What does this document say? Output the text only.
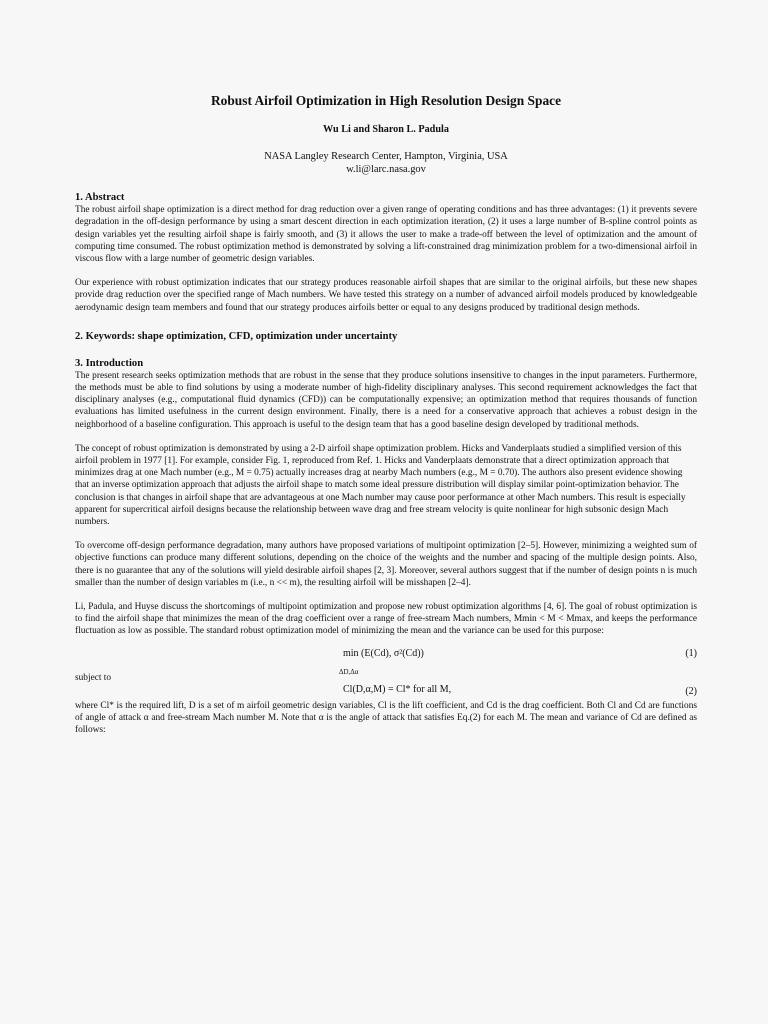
Robust Airfoil Optimization in High Resolution Design Space
Wu Li and Sharon L. Padula
NASA Langley Research Center, Hampton, Virginia, USA
w.li@larc.nasa.gov
1. Abstract

The robust airfoil shape optimization is a direct method for drag reduction over a given range of operating conditions and has three advantages: (1) it prevents severe degradation in the off-design performance by using a smart descent direction in each optimization iteration, (2) it uses a large number of B-spline control points as design variables yet the resulting airfoil shape is fairly smooth, and (3) it allows the user to make a trade-off between the level of optimization and the amount of computing time consumed. The robust optimization method is demonstrated by solving a lift-constrained drag minimization problem for a two-dimensional airfoil in viscous flow with a large number of geometric design variables.

Our experience with robust optimization indicates that our strategy produces reasonable airfoil shapes that are similar to the original airfoils, but these new shapes provide drag reduction over the specified range of Mach numbers. We have tested this strategy on a number of advanced airfoil models produced by knowledgeable aerodynamic design team members and found that our strategy produces airfoils better or equal to any designs produced by traditional design methods.

2. Keywords: shape optimization, CFD, optimization under uncertainty
3. Introduction

The present research seeks optimization methods that are robust in the sense that they produce solutions insensitive to changes in the input parameters. Furthermore, the methods must be able to find solutions by using a moderate number of high-fidelity disciplinary analyses. This second requirement acknowledges the fact that disciplinary analyses (e.g., computational fluid dynamics (CFD)) can be computationally expensive; an optimization method that requires thousands of function evaluations has limited usefulness in the current design environment. Finally, there is a need for a conservative approach that achieves a robust design in the neighborhood of a baseline configuration. This approach is useful to the design team that has a good baseline design developed by traditional methods.

The concept of robust optimization is demonstrated by using a 2-D airfoil shape optimization problem. Hicks and Vanderplaats studied a simplified version of this airfoil problem in 1977 [1]. For example, consider Fig. 1, reproduced from Ref. 1. Hicks and Vanderplaats demonstrate that a direct optimization approach that minimizes drag at one Mach number (e.g., M = 0.75) actually increases drag at nearby Mach numbers (e.g., M = 0.70). The authors also present evidence showing that an inverse optimization approach that adjusts the airfoil shape to match some ideal pressure distribution will display similar point-optimization behavior. The conclusion is that changes in airfoil shape that are advantageous at one Mach number may cause poor performance at other Mach numbers. This result is especially apparent for supercritical airfoil designs because the relationship between wave drag and free stream velocity is quite nonlinear for high subsonic design Mach numbers.

To overcome off-design performance degradation, many authors have proposed variations of multipoint optimization [2–5]. However, minimizing a weighted sum of objective functions can produce many different solutions, depending on the choice of the weights and the number and spacing of the multiple design points. Also, there is no guarantee that any of the solutions will yield desirable airfoil shapes [2, 3]. Moreover, several authors suggest that if the number of design points n is much smaller than the number of design variables m (i.e., n << m), the resulting airfoil will be misshapen [2–4].

Li, Padula, and Huyse discuss the shortcomings of multipoint optimization and propose new robust optimization algorithms [4, 6]. The goal of robust optimization is to find the airfoil shape that minimizes the mean of the drag coefficient over a range of free-stream Mach numbers, Mmin < M < Mmax, and keeps the performance fluctuation as low as possible. The standard robust optimization model of minimizing the mean and the variance can be used for this purpose:

min (E(Cd), σ²(Cd))
ΔD,Δα
(1)

subject to

Cl(D,α,M) = Cl* for all M,	(2)

where Cl* is the required lift, D is a set of m airfoil geometric design variables, Cl is the lift coefficient, and Cd is the drag coefficient. Both Cl and Cd are functions of angle of attack α and free-stream Mach number M. Note that α is the angle of attack that satisfies Eq.(2) for each M. The mean and variance of Cd are defined as follows:
